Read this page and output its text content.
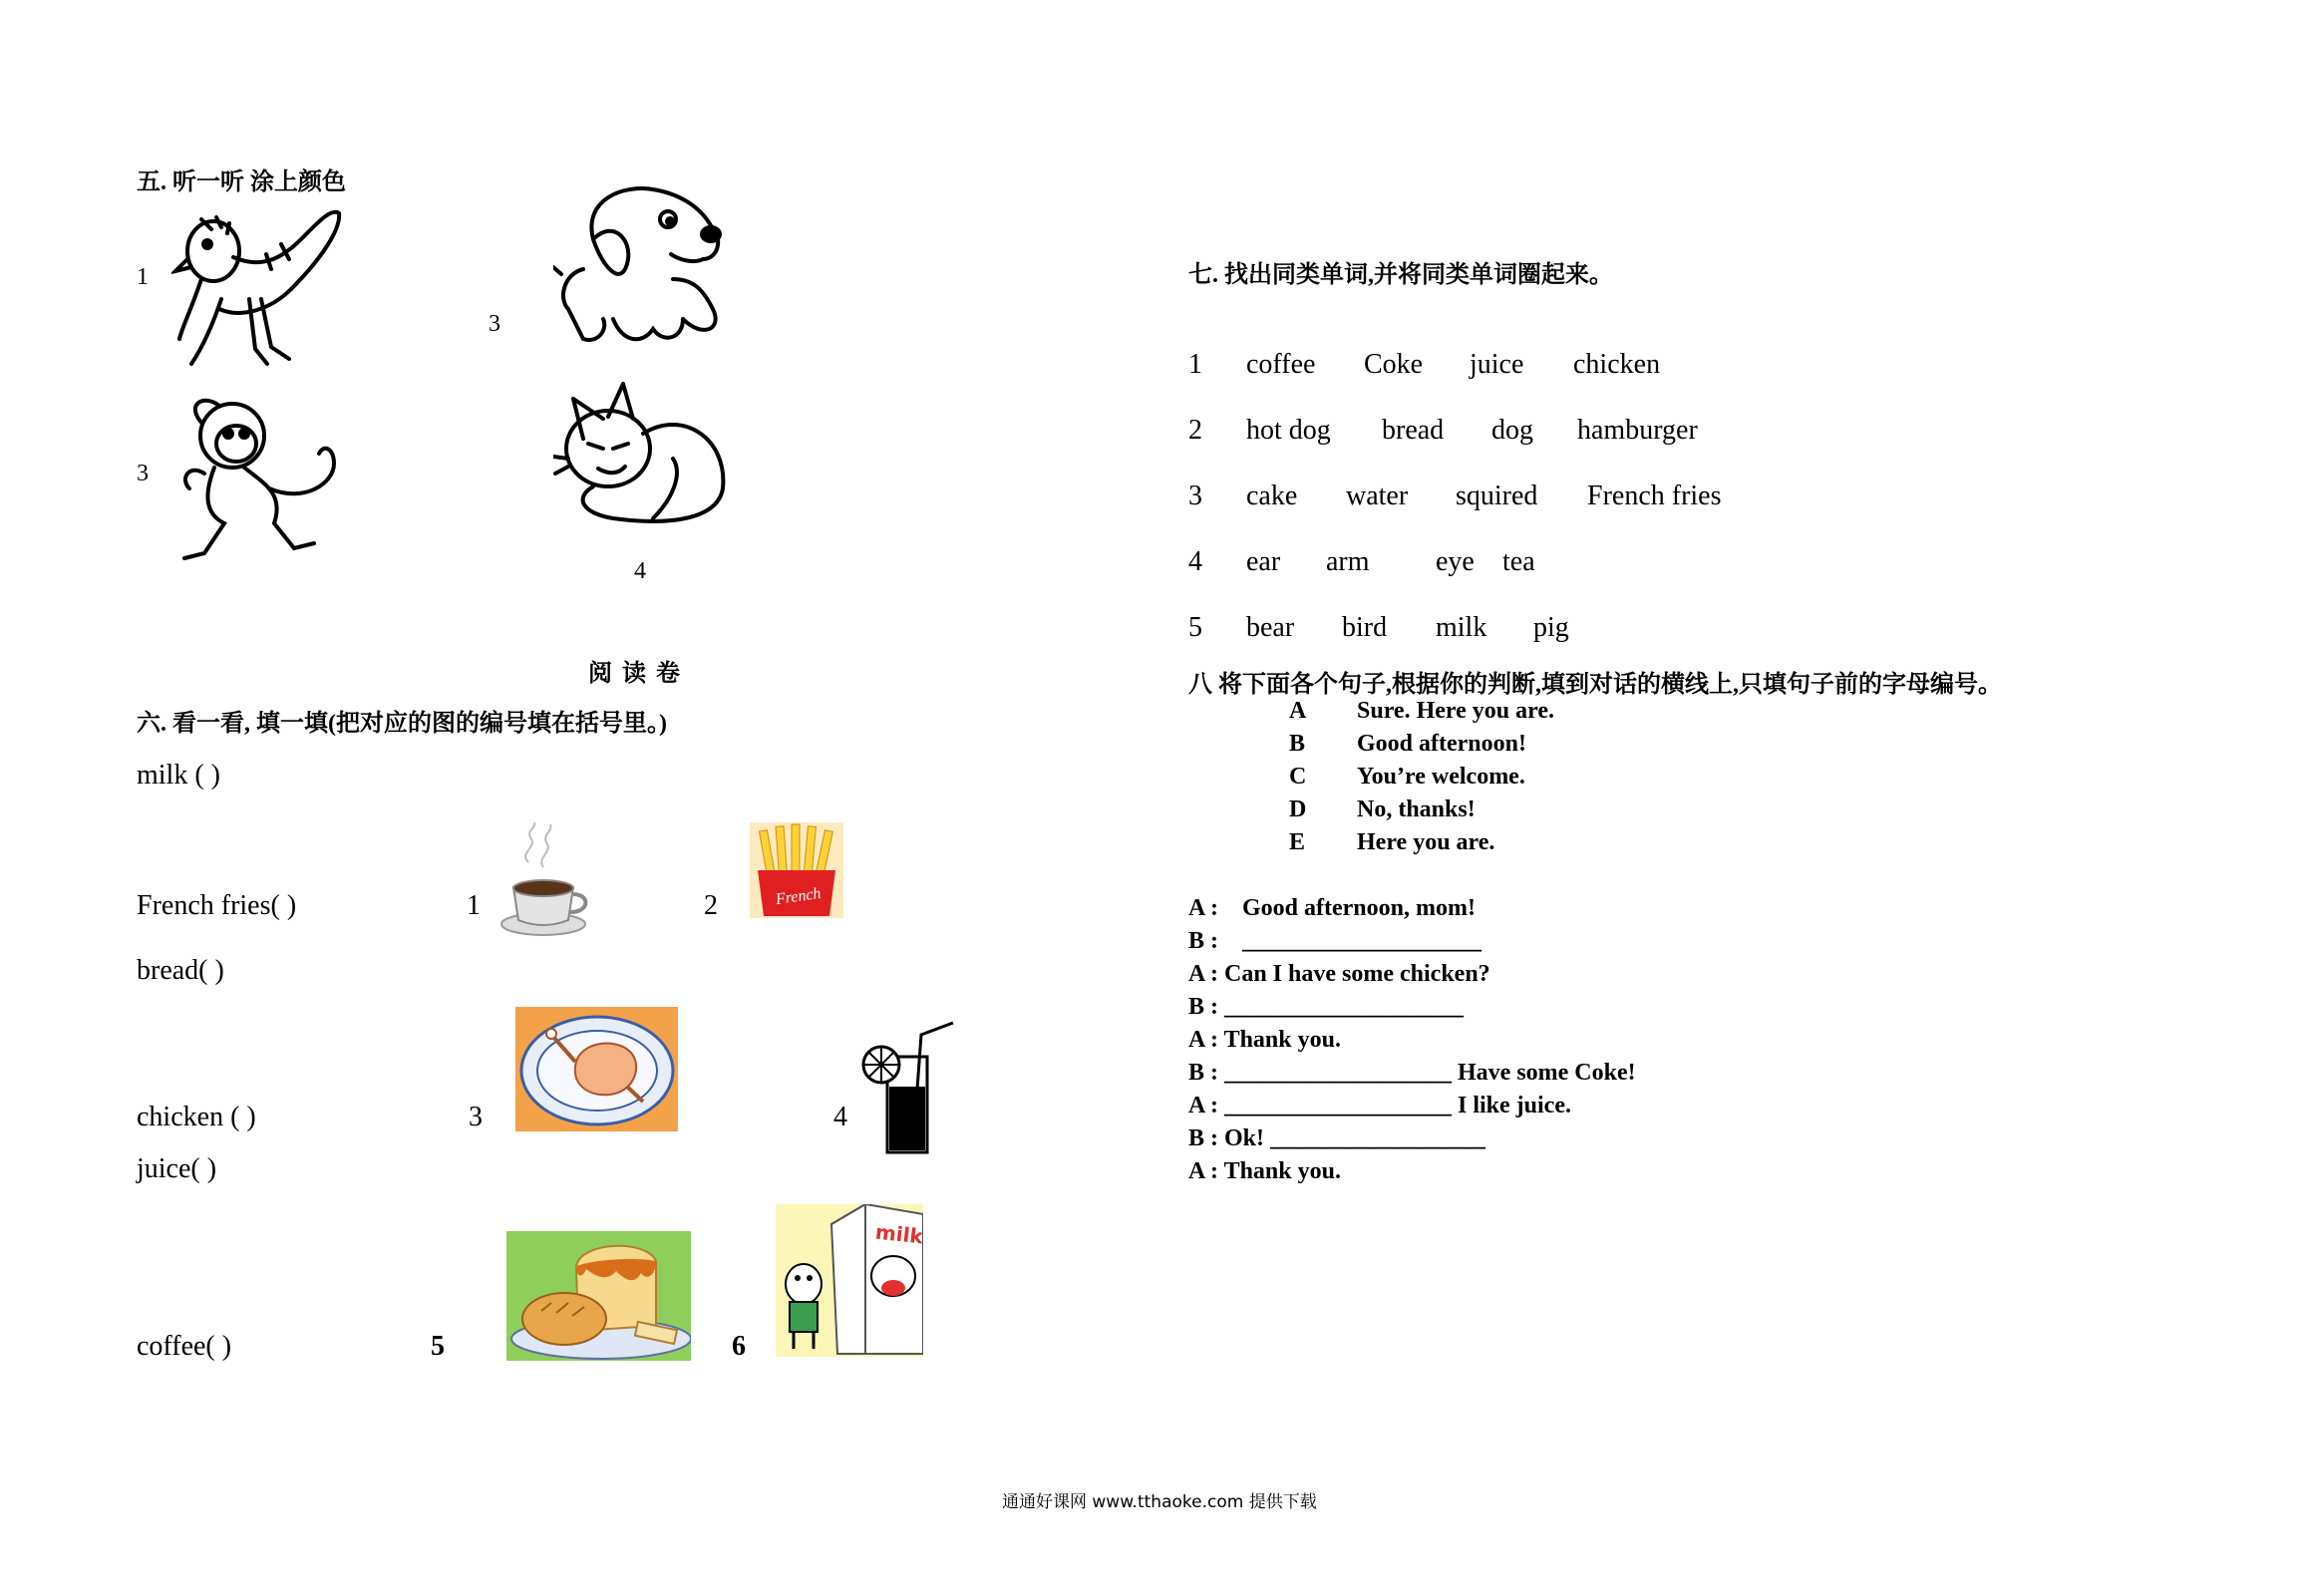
五. 听一听 涂上颜色
1
3
3
4
阅 读 卷
六. 看一看, 填一填(把对应的图的编号填在括号里。)
milk ( )
French fries( )
bread( )
chicken ( )
juice( )
coffee( )
1	2
3	4
5	6
French
milk
七. 找出同类单词,并将同类单词圈起来。
1 coffee Coke juice chicken
2 hot dog bread dog hamburger
3 cake water squired French fries
4 ear arm eye tea
5 bear bird milk pig
八 将下面各个句子,根据你的判断,填到对话的横线上,只填句子前的字母编号。
A Sure. Here you are.
B Good afternoon!
C You’re welcome.
D No, thanks!
E Here you are.
A :    Good afternoon, mom!
B :    ____________________
A : Can I have some chicken?
B : ____________________
A : Thank you.
B : ___________________ Have some Coke!
A : ___________________ I like juice.
B : Ok! __________________
A : Thank you.
通通好课网 www.tthaoke.com 提供下载
